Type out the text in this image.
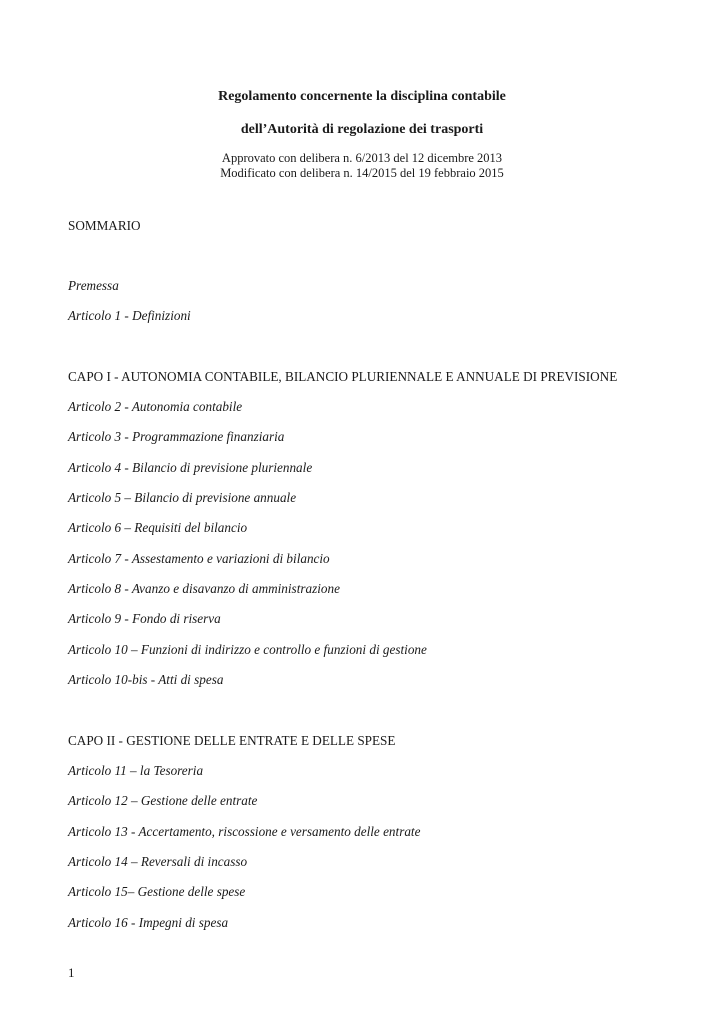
Regolamento concernente la disciplina contabile
dell’Autorità di regolazione dei trasporti
Approvato con delibera n. 6/2013 del 12 dicembre 2013
Modificato con delibera n. 14/2015 del 19 febbraio 2015
SOMMARIO
Premessa
Articolo 1 - Definizioni
CAPO I - AUTONOMIA CONTABILE, BILANCIO PLURIENNALE E ANNUALE DI PREVISIONE
Articolo 2 - Autonomia contabile
Articolo 3 - Programmazione finanziaria
Articolo 4 - Bilancio di previsione pluriennale
Articolo 5 – Bilancio di previsione annuale
Articolo 6 – Requisiti del bilancio
Articolo 7 - Assestamento e variazioni di bilancio
Articolo 8 - Avanzo e disavanzo di amministrazione
Articolo 9 - Fondo di riserva
Articolo 10 – Funzioni di indirizzo e controllo e funzioni di gestione
Articolo 10-bis - Atti di spesa
CAPO II - GESTIONE DELLE ENTRATE E DELLE SPESE
Articolo 11 – la Tesoreria
Articolo 12 – Gestione delle entrate
Articolo 13 - Accertamento, riscossione e versamento delle entrate
Articolo 14 – Reversali di incasso
Articolo 15– Gestione delle spese
Articolo 16 - Impegni di spesa
1
